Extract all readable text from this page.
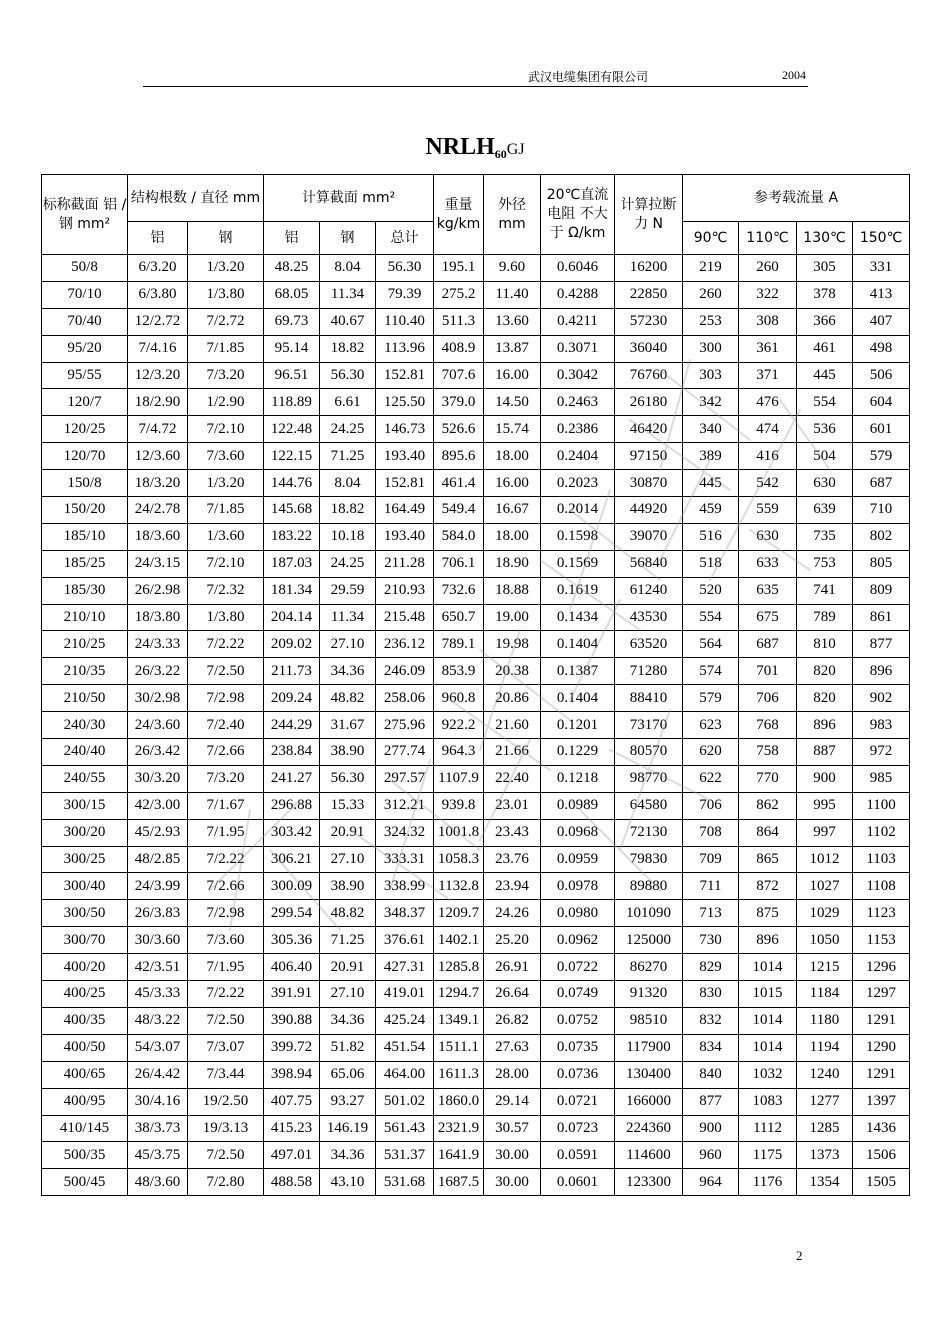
武汉电缆集团有限公司	2004
$NRLH_{60}GJ$
标称截面 铝 / 钢 mm²	结构根数 / 直径 mm		计算截面 mm²			重量 kg/km	外径 mm	20℃直流电阻 不大于 Ω/km	计算拉断力 N	参考载流量 A			
	铝	钢	铝	钢	总计					90℃	110℃	130℃	150℃
50/8	6/3.20	1/3.20	48.25	8.04	56.30	195.1	9.60	0.6046	16200	219	260	305	331
70/10	6/3.80	1/3.80	68.05	11.34	79.39	275.2	11.40	0.4288	22850	260	322	378	413
70/40	12/2.72	7/2.72	69.73	40.67	110.40	511.3	13.60	0.4211	57230	253	308	366	407
95/20	7/4.16	7/1.85	95.14	18.82	113.96	408.9	13.87	0.3071	36040	300	361	461	498
95/55	12/3.20	7/3.20	96.51	56.30	152.81	707.6	16.00	0.3042	76760	303	371	445	506
120/7	18/2.90	1/2.90	118.89	6.61	125.50	379.0	14.50	0.2463	26180	342	476	554	604
120/25	7/4.72	7/2.10	122.48	24.25	146.73	526.6	15.74	0.2386	46420	340	474	536	601
120/70	12/3.60	7/3.60	122.15	71.25	193.40	895.6	18.00	0.2404	97150	389	416	504	579
150/8	18/3.20	1/3.20	144.76	8.04	152.81	461.4	16.00	0.2023	30870	445	542	630	687
150/20	24/2.78	7/1.85	145.68	18.82	164.49	549.4	16.67	0.2014	44920	459	559	639	710
185/10	18/3.60	1/3.60	183.22	10.18	193.40	584.0	18.00	0.1598	39070	516	630	735	802
185/25	24/3.15	7/2.10	187.03	24.25	211.28	706.1	18.90	0.1569	56840	518	633	753	805
185/30	26/2.98	7/2.32	181.34	29.59	210.93	732.6	18.88	0.1619	61240	520	635	741	809
210/10	18/3.80	1/3.80	204.14	11.34	215.48	650.7	19.00	0.1434	43530	554	675	789	861
210/25	24/3.33	7/2.22	209.02	27.10	236.12	789.1	19.98	0.1404	63520	564	687	810	877
210/35	26/3.22	7/2.50	211.73	34.36	246.09	853.9	20.38	0.1387	71280	574	701	820	896
210/50	30/2.98	7/2.98	209.24	48.82	258.06	960.8	20.86	0.1404	88410	579	706	820	902
240/30	24/3.60	7/2.40	244.29	31.67	275.96	922.2	21.60	0.1201	73170	623	768	896	983
240/40	26/3.42	7/2.66	238.84	38.90	277.74	964.3	21.66	0.1229	80570	620	758	887	972
240/55	30/3.20	7/3.20	241.27	56.30	297.57	1107.9	22.40	0.1218	98770	622	770	900	985
300/15	42/3.00	7/1.67	296.88	15.33	312.21	939.8	23.01	0.0989	64580	706	862	995	1100
300/20	45/2.93	7/1.95	303.42	20.91	324.32	1001.8	23.43	0.0968	72130	708	864	997	1102
300/25	48/2.85	7/2.22	306.21	27.10	333.31	1058.3	23.76	0.0959	79830	709	865	1012	1103
300/40	24/3.99	7/2.66	300.09	38.90	338.99	1132.8	23.94	0.0978	89880	711	872	1027	1108
300/50	26/3.83	7/2.98	299.54	48.82	348.37	1209.7	24.26	0.0980	101090	713	875	1029	1123
300/70	30/3.60	7/3.60	305.36	71.25	376.61	1402.1	25.20	0.0962	125000	730	896	1050	1153
400/20	42/3.51	7/1.95	406.40	20.91	427.31	1285.8	26.91	0.0722	86270	829	1014	1215	1296
400/25	45/3.33	7/2.22	391.91	27.10	419.01	1294.7	26.64	0.0749	91320	830	1015	1184	1297
400/35	48/3.22	7/2.50	390.88	34.36	425.24	1349.1	26.82	0.0752	98510	832	1014	1180	1291
400/50	54/3.07	7/3.07	399.72	51.82	451.54	1511.1	27.63	0.0735	117900	834	1014	1194	1290
400/65	26/4.42	7/3.44	398.94	65.06	464.00	1611.3	28.00	0.0736	130400	840	1032	1240	1291
400/95	30/4.16	19/2.50	407.75	93.27	501.02	1860.0	29.14	0.0721	166000	877	1083	1277	1397
410/145	38/3.73	19/3.13	415.23	146.19	561.43	2321.9	30.57	0.0723	224360	900	1112	1285	1436
500/35	45/3.75	7/2.50	497.01	34.36	531.37	1641.9	30.00	0.0591	114600	960	1175	1373	1506
500/45	48/3.60	7/2.80	488.58	43.10	531.68	1687.5	30.00	0.0601	123300	964	1176	1354	1505
2
